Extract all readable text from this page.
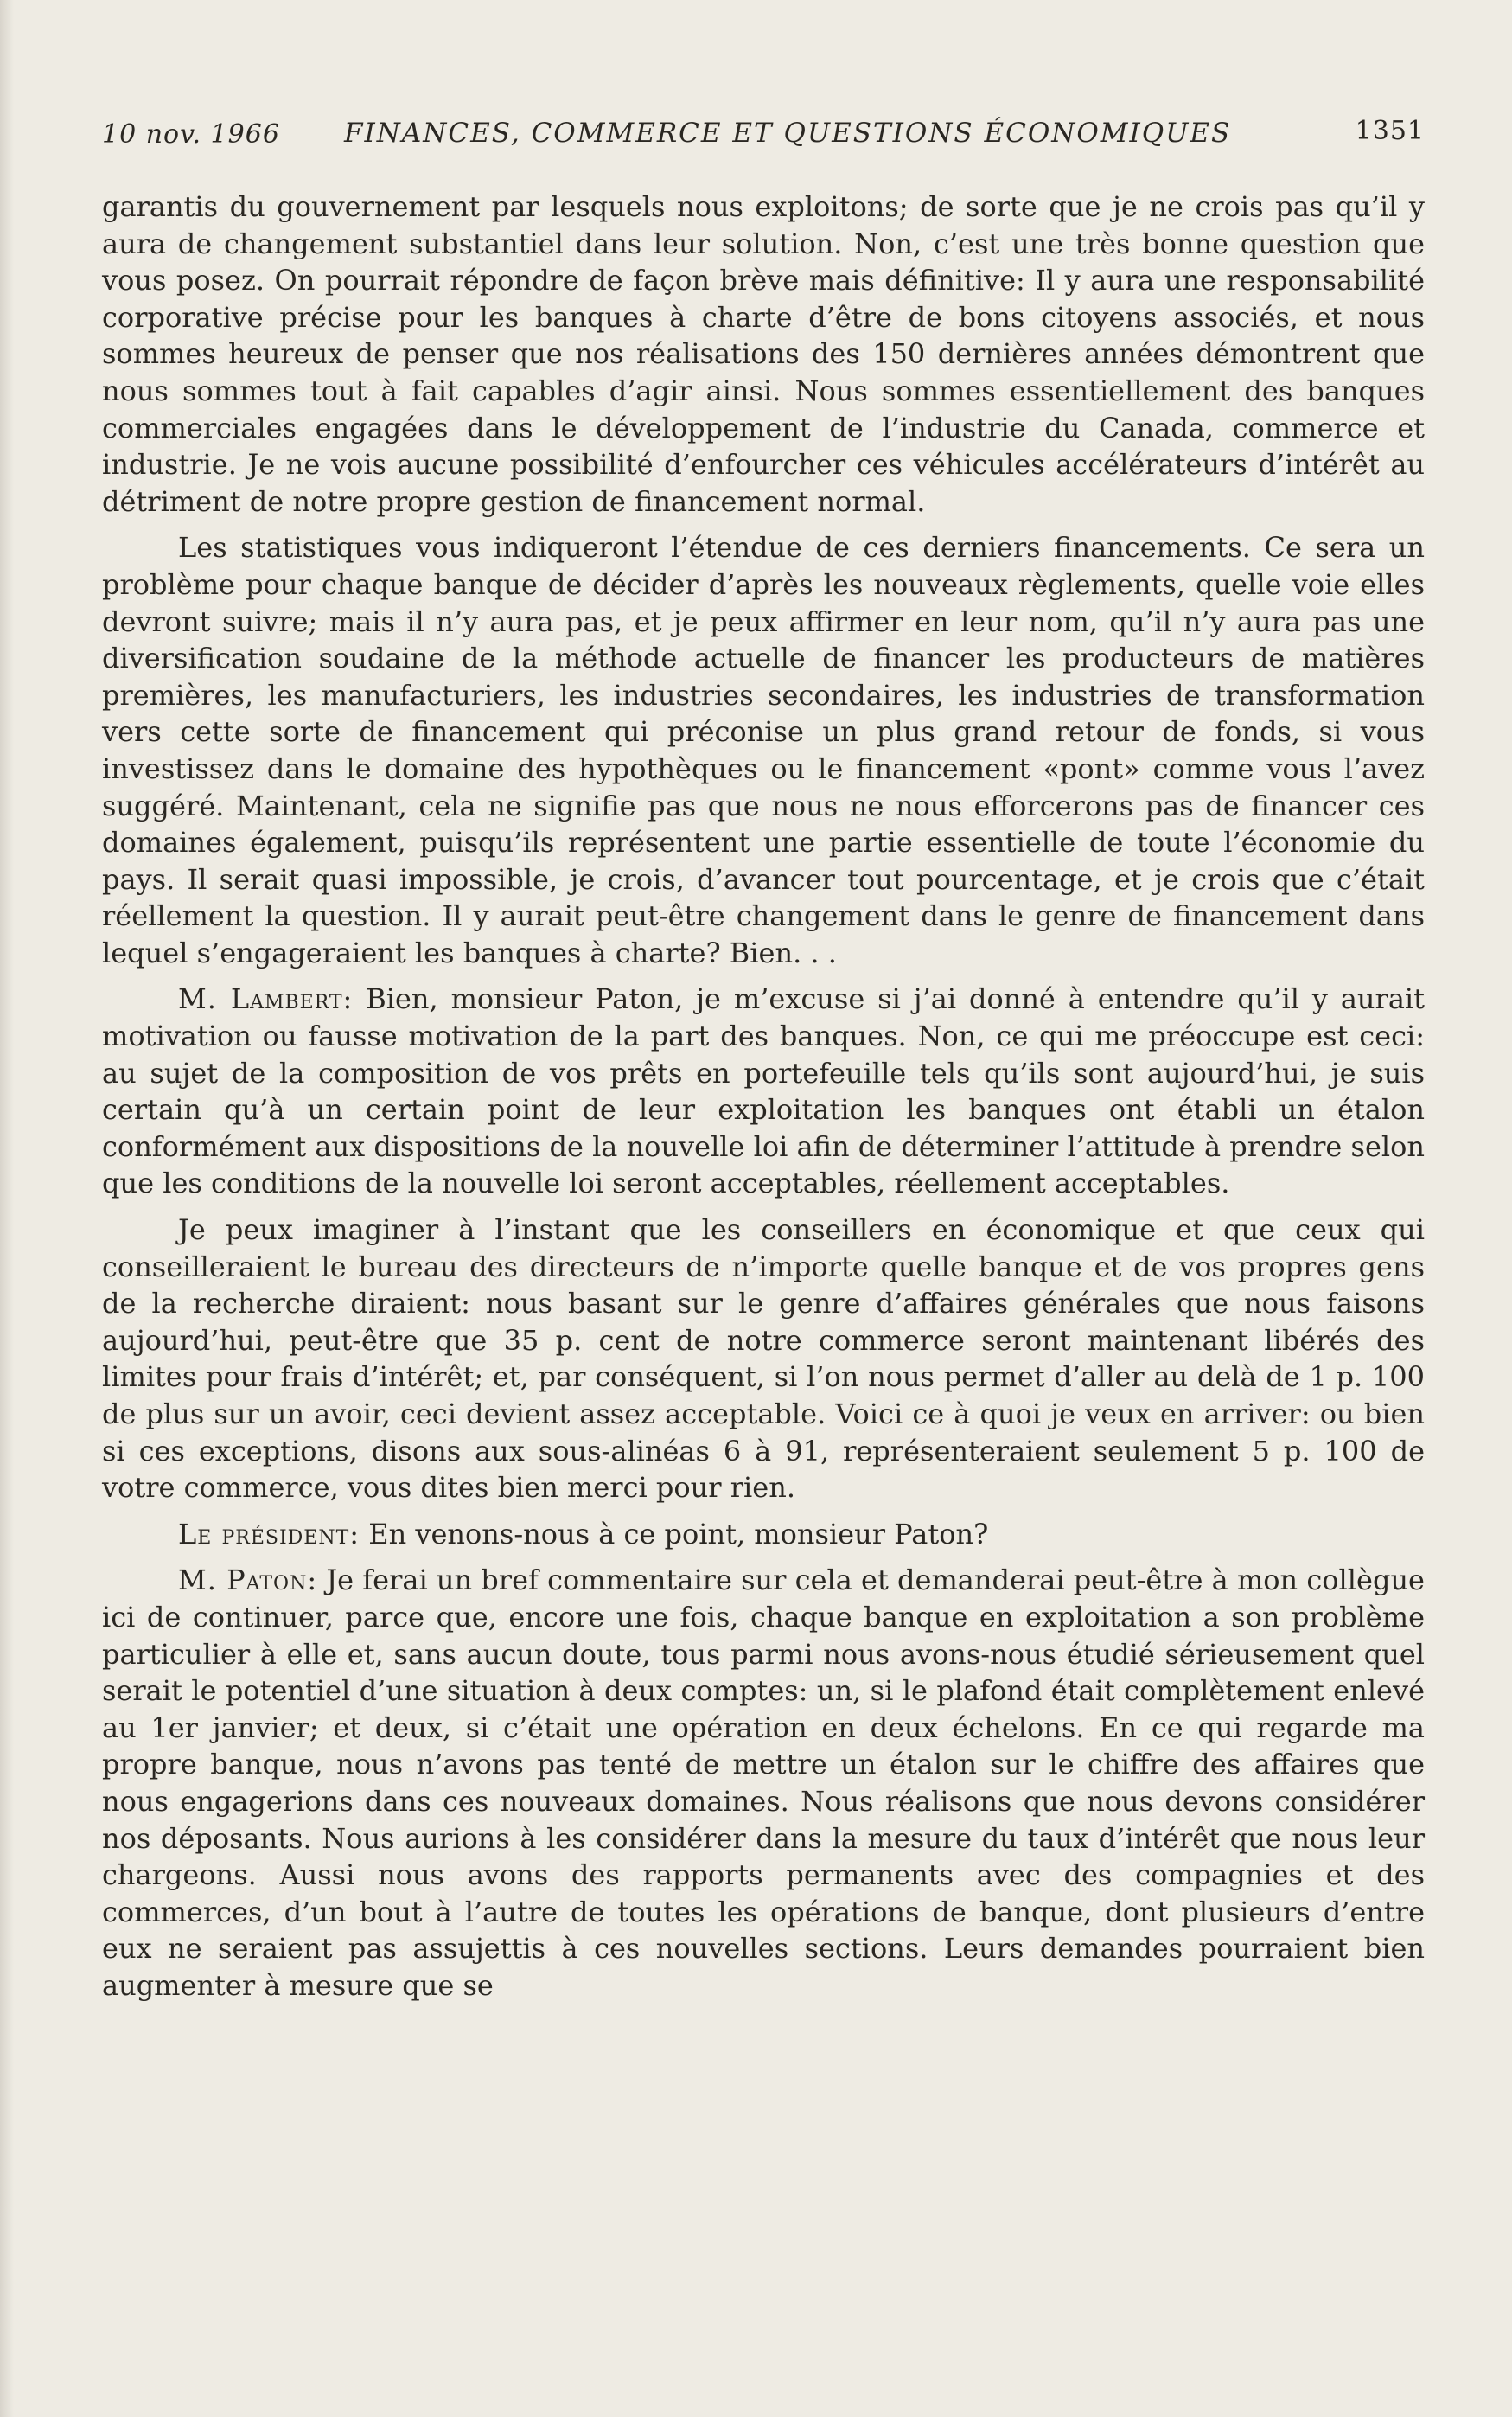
10 nov. 1966 FINANCES, COMMERCE ET QUESTIONS ÉCONOMIQUES	1351

garantis du gouvernement par lesquels nous exploitons; de sorte que je ne crois pas qu’il y aura de changement substantiel dans leur solution. Non, c’est une très bonne question que vous posez. On pourrait répondre de façon brève mais définitive: Il y aura une responsabilité corporative précise pour les banques à charte d’être de bons citoyens associés, et nous sommes heureux de penser que nos réalisations des 150 dernières années démontrent que nous sommes tout à fait capables d’agir ainsi. Nous sommes essentiellement des banques commerciales engagées dans le développement de l’industrie du Canada, commerce et industrie. Je ne vois aucune possibilité d’enfourcher ces véhicules accélérateurs d’intérêt au détriment de notre propre gestion de financement normal.

Les statistiques vous indiqueront l’étendue de ces derniers financements. Ce sera un problème pour chaque banque de décider d’après les nouveaux règlements, quelle voie elles devront suivre; mais il n’y aura pas, et je peux affirmer en leur nom, qu’il n’y aura pas une diversification soudaine de la méthode actuelle de financer les producteurs de matières premières, les manufacturiers, les industries secondaires, les industries de transformation vers cette sorte de financement qui préconise un plus grand retour de fonds, si vous investissez dans le domaine des hypothèques ou le financement «pont» comme vous l’avez suggéré. Maintenant, cela ne signifie pas que nous ne nous efforcerons pas de financer ces domaines également, puisqu’ils représentent une partie essentielle de toute l’économie du pays. Il serait quasi impossible, je crois, d’avancer tout pourcentage, et je crois que c’était réellement la question. Il y aurait peut-être changement dans le genre de financement dans lequel s’engageraient les banques à charte? Bien. . .

M. Lambert: Bien, monsieur Paton, je m’excuse si j’ai donné à entendre qu’il y aurait motivation ou fausse motivation de la part des banques. Non, ce qui me préoccupe est ceci: au sujet de la composition de vos prêts en portefeuille tels qu’ils sont aujourd’hui, je suis certain qu’à un certain point de leur exploitation les banques ont établi un étalon conformément aux dispositions de la nouvelle loi afin de déterminer l’attitude à prendre selon que les conditions de la nouvelle loi seront acceptables, réellement acceptables.

Je peux imaginer à l’instant que les conseillers en économique et que ceux qui conseilleraient le bureau des directeurs de n’importe quelle banque et de vos propres gens de la recherche diraient: nous basant sur le genre d’affaires générales que nous faisons aujourd’hui, peut-être que 35 p. cent de notre commerce seront maintenant libérés des limites pour frais d’intérêt; et, par conséquent, si l’on nous permet d’aller au delà de 1 p. 100 de plus sur un avoir, ceci devient assez acceptable. Voici ce à quoi je veux en arriver: ou bien si ces exceptions, disons aux sous-alinéas 6 à 91, représenteraient seulement 5 p. 100 de votre commerce, vous dites bien merci pour rien.

Le président: En venons-nous à ce point, monsieur Paton?

M. Paton: Je ferai un bref commentaire sur cela et demanderai peut-être à mon collègue ici de continuer, parce que, encore une fois, chaque banque en exploitation a son problème particulier à elle et, sans aucun doute, tous parmi nous avons-nous étudié sérieusement quel serait le potentiel d’une situation à deux comptes: un, si le plafond était complètement enlevé au 1er janvier; et deux, si c’était une opération en deux échelons. En ce qui regarde ma propre banque, nous n’avons pas tenté de mettre un étalon sur le chiffre des affaires que nous engagerions dans ces nouveaux domaines. Nous réalisons que nous devons considérer nos déposants. Nous aurions à les considérer dans la mesure du taux d’intérêt que nous leur chargeons. Aussi nous avons des rapports permanents avec des compagnies et des commerces, d’un bout à l’autre de toutes les opérations de banque, dont plusieurs d’entre eux ne seraient pas assujettis à ces nouvelles sections. Leurs demandes pourraient bien augmenter à mesure que se
